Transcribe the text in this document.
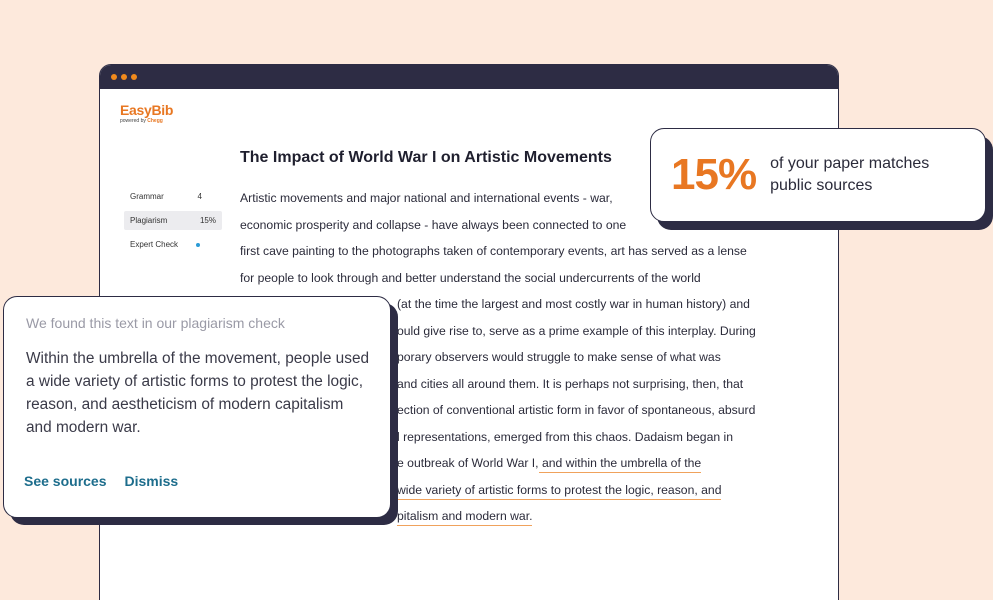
EasyBib
powered by Chegg
Grammar	4
Plagiarism	15%
Expert Check
The Impact of World War I on Artistic Movements
Artistic movements and major national and international events - war,
economic prosperity and collapse - have always been connected to one
first cave painting to the photographs taken of contemporary events, art has served as a lense
for people to look through and better understand the social undercurrents of the world
(at the time the largest and most costly war in human history) and
ould give rise to, serve as a prime example of this interplay. During
porary observers would struggle to make sense of what was
and cities all around them. It is perhaps not surprising, then, that
ection of conventional artistic form in favor of spontaneous, absurd
l representations, emerged from this chaos. Dadaism began in
e outbreak of World War I, and within the umbrella of the
wide variety of artistic forms to protest the logic, reason, and
pitalism and modern war.
15% of your paper matches public sources
We found this text in our plagiarism check
Within the umbrella of the movement, people used a wide variety of artistic forms to protest the logic, reason, and aestheticism of modern capitalism and modern war.
See sources Dismiss
